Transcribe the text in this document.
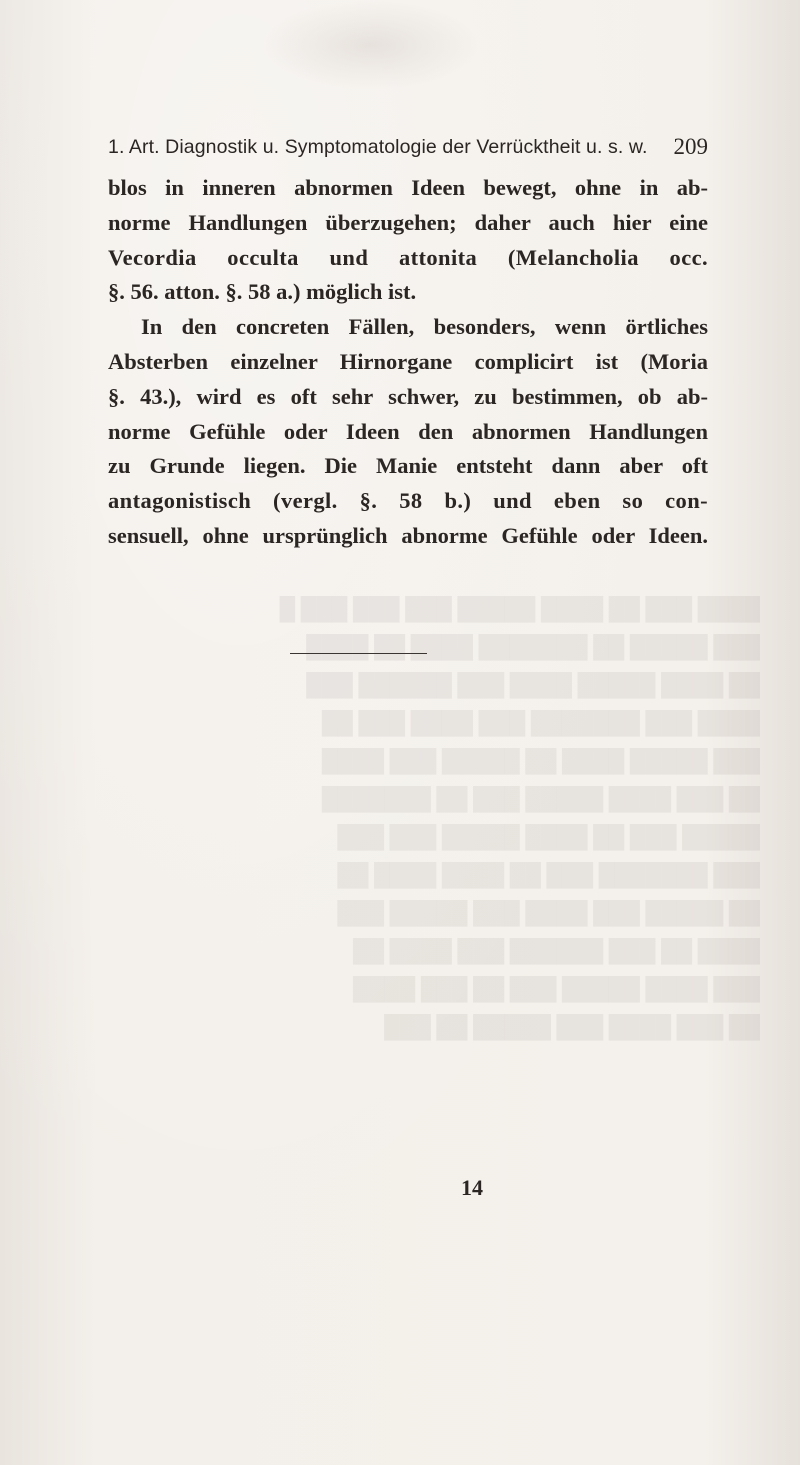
1. Art. Diagnostik u. Symptomatologie der Verrücktheit u. s. w. 209
blos in inneren abnormen Ideen bewegt, ohne in ab-
norme Handlungen überzugehen; daher auch hier eine
Vecordia occulta und attonita (Melancholia occ.
§. 56. atton. §. 58 a.) möglich ist.
In den concreten Fällen, besonders, wenn örtliches
Absterben einzelner Hirnorgane complicirt ist (Moria
§. 43.), wird es oft sehr schwer, zu bestimmen, ob ab-
norme Gefühle oder Ideen den abnormen Handlungen
zu Grunde liegen. Die Manie entsteht dann aber oft
antagonistisch (vergl. §. 58 b.) und eben so con-
sensuell, ohne ursprünglich abnorme Gefühle oder Ideen.
████ ███ ██ ████ █████ ███ ███ ███ █
███ █████ ██ ███████ ████ ██ ████
██ ████ █████ ████ ███ ██████ ███
████ ███ ███████ ███ ████ ███ ██
███ █████ ████ ██ █████ ███ ████
██ ███ ████ █████ ███ ██ ███████
█████ ███ ██ ████ █████ ███ ███
███ ███████ ███ ██ ████ ████ ██
██ █████ ███ ████ ███ █████ ███
████ ██ ███ ██████ ███ ████ ██
███ ████ █████ ███ ██ ███ ████
██ ███ ████ ███ █████ ██ ███
14
